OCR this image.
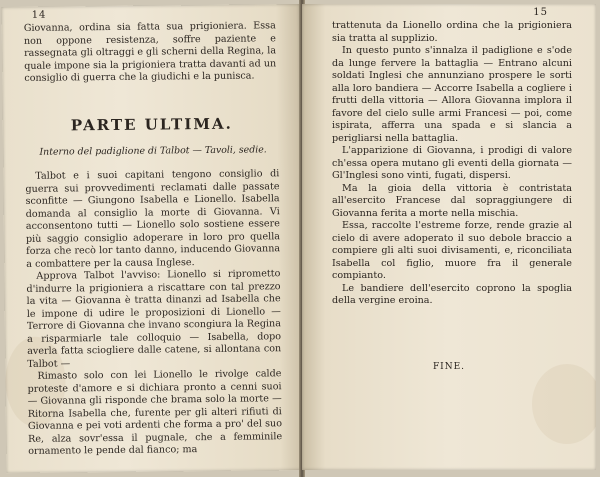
14

Giovanna, ordina sia fatta sua prigioniera. Essa non oppone resistenza, soffre paziente e rassegnata gli oltraggi e gli scherni della Regina, la quale impone sia la prigioniera tratta davanti ad un consiglio di guerra che la giudichi e la punisca.

PARTE ULTIMA.
Interno del padiglione di Talbot — Tavoli, sedie.

Talbot e i suoi capitani tengono consiglio di guerra sui provvedimenti reclamati dalle passate sconfitte — Giungono Isabella e Lionello. Isabella domanda al consiglio la morte di Giovanna. Vi acconsentono tutti — Lionello solo sostiene essere più saggio consiglio adoperare in loro pro quella forza che recò lor tanto danno, inducendo Giovanna a combattere per la causa Inglese.

Approva Talbot l'avviso: Lionello si riprometto d'indurre la prigioniera a riscattare con tal prezzo la vita — Giovanna è tratta dinanzi ad Isabella che le impone di udire le proposizioni di Lionello — Terrore di Giovanna che invano scongiura la Regina a risparmiarle tale colloquio — Isabella, dopo averla fatta sciogliere dalle catene, si allontana con Talbot —

Rimasto solo con lei Lionello le rivolge calde proteste d'amore e si dichiara pronto a cenni suoi — Giovanna gli risponde che brama solo la morte — Ritorna Isabella che, furente per gli alteri rifiuti di Giovanna e pei voti ardenti che forma a pro' del suo Re, alza sovr'essa il pugnale, che a femminile ornamento le pende dal fianco; ma

15

trattenuta da Lionello ordina che la prigioniera sia tratta al supplizio.

In questo punto s'innalza il padiglione e s'ode da lunge fervere la battaglia — Entrano alcuni soldati Inglesi che annunziano prospere le sorti alla loro bandiera — Accorre Isabella a cogliere i frutti della vittoria — Allora Giovanna implora il favore del cielo sulle armi Francesi — poi, come ispirata, afferra una spada e si slancia a perigliarsi nella battaglia.

L'apparizione di Giovanna, i prodigi di valore ch'essa opera mutano gli eventi della giornata — Gl'Inglesi sono vinti, fugati, dispersi.

Ma la gioia della vittoria è contristata all'esercito Francese dal sopraggiungere di Giovanna ferita a morte nella mischia.

Essa, raccolte l'estreme forze, rende grazie al cielo di avere adoperato il suo debole braccio a compiere gli alti suoi divisamenti, e, riconciliata Isabella col figlio, muore fra il generale compianto.

Le bandiere dell'esercito coprono la spoglia della vergine eroina.

FINE.
